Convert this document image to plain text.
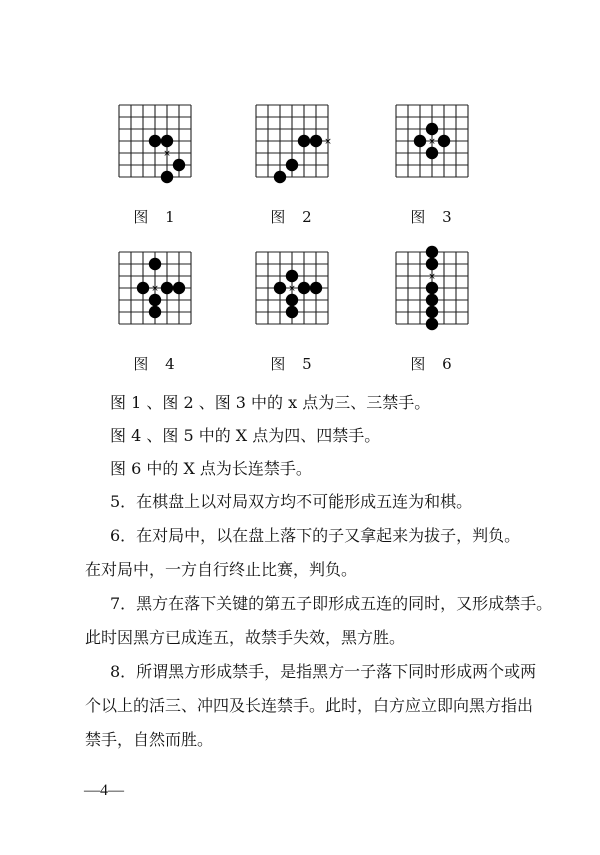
×
×	×
×	×
×
图 1	图 2	图 3
图 4	图 5	图 6
图 1 、图 2 、图 3 中的 x 点为三、三禁手。
图 4 、图 5 中的 X 点为四、四禁手。
图 6 中的 X 点为长连禁手。
5．在棋盘上以对局双方均不可能形成五连为和棋。
6．在对局中，以在盘上落下的子又拿起来为拔子，判负。
在对局中，一方自行终止比赛，判负。
7．黑方在落下关键的第五子即形成五连的同时，又形成禁手。
此时因黑方已成连五，故禁手失效，黑方胜。
8．所谓黑方形成禁手，是指黑方一子落下同时形成两个或两
个以上的活三、冲四及长连禁手。此时，白方应立即向黑方指出
禁手，自然而胜。
—4—
